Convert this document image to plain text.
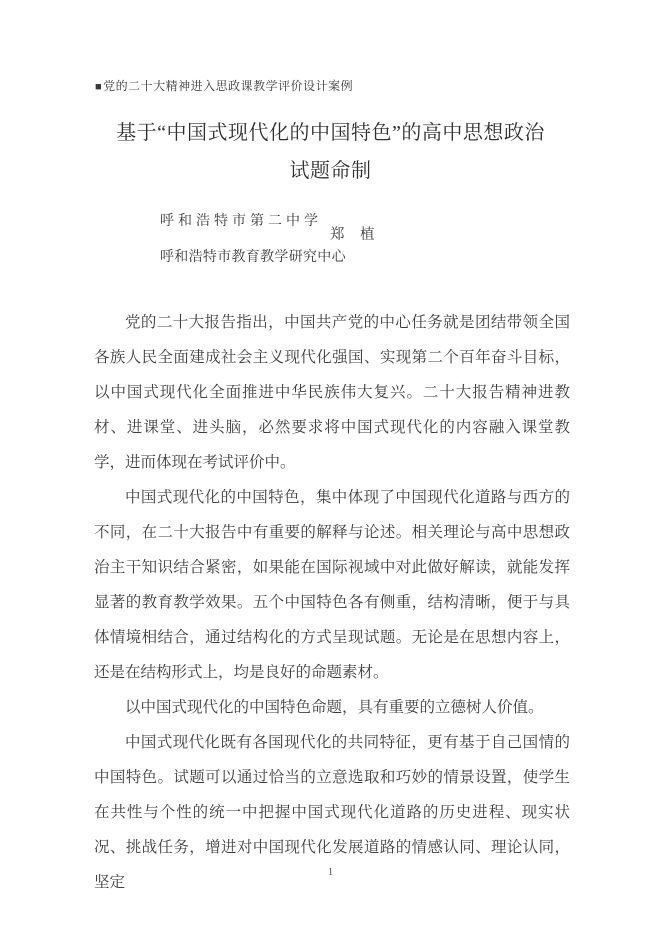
■党的二十大精神进入思政课教学评价设计案例
基于“中国式现代化的中国特色”的高中思想政治
试题命制
呼和浩特市第二中学
呼和浩特市教育教学研究中心
郑　植

党的二十大报告指出，中国共产党的中心任务就是团结带领全国各族人民全面建成社会主义现代化强国、实现第二个百年奋斗目标，以中国式现代化全面推进中华民族伟大复兴。二十大报告精神进教材、进课堂、进头脑，必然要求将中国式现代化的内容融入课堂教学，进而体现在考试评价中。

中国式现代化的中国特色，集中体现了中国现代化道路与西方的不同，在二十大报告中有重要的解释与论述。相关理论与高中思想政治主干知识结合紧密，如果能在国际视域中对此做好解读，就能发挥显著的教育教学效果。五个中国特色各有侧重，结构清晰，便于与具体情境相结合，通过结构化的方式呈现试题。无论是在思想内容上，还是在结构形式上，均是良好的命题素材。

以中国式现代化的中国特色命题，具有重要的立德树人价值。

中国式现代化既有各国现代化的共同特征，更有基于自己国情的中国特色。试题可以通过恰当的立意选取和巧妙的情景设置，使学生在共性与个性的统一中把握中国式现代化道路的历史进程、现实状况、挑战任务，增进对中国现代化发展道路的情感认同、理论认同，坚定

1
